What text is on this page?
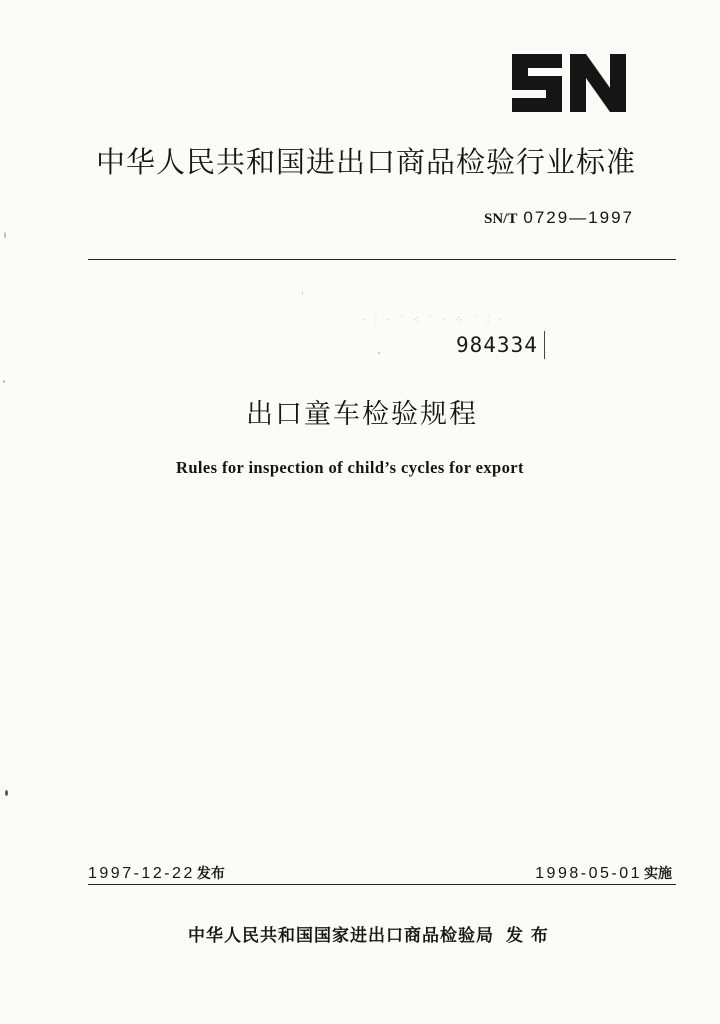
中华人民共和国进出口商品检验行业标准
SN/T 0729—1997
· ⁚ · ˙ ⁖ ˙ · ⁘ ˙ ⁚ ·
984334
出口童车检验规程
Rules for inspection of child’s cycles for export
1997-12-22 发布	1998-05-01 实施
中华人民共和国国家进出口商品检验局 发 布
